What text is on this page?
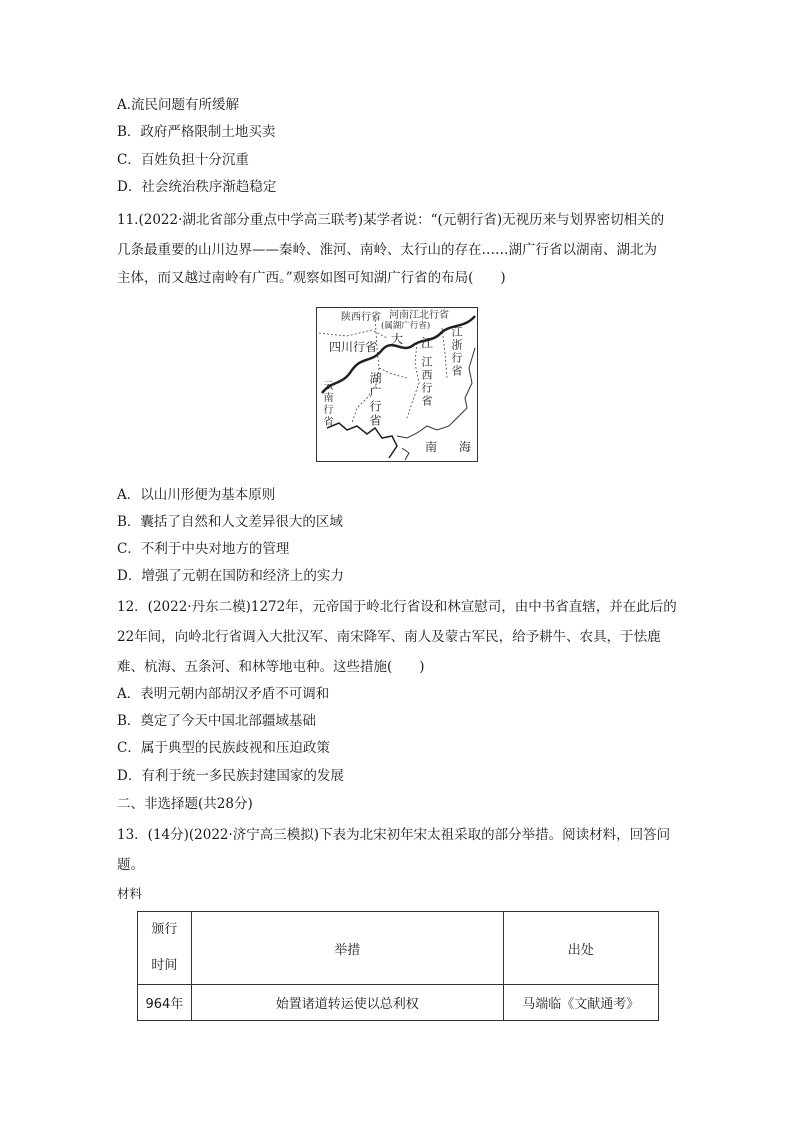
A.流民问题有所缓解
B．政府严格限制土地买卖
C．百姓负担十分沉重
D．社会统治秩序渐趋稳定
11.(2022·湖北省部分重点中学高三联考)某学者说：“(元朝行省)无视历来与划界密切相关的
几条最重要的山川边界——秦岭、淮河、南岭、太行山的存在……湖广行省以湖南、湖北为
主体，而又越过南岭有广西。”观察如图可知湖广行省的布局(　　)
陕西行省 河南江北行省
(属湖广行省)
四川行省
大 江 江浙行省
江西行省
湖广行省
云南行省
南 海
A．以山川形便为基本原则
B．囊括了自然和人文差异很大的区域
C．不利于中央对地方的管理
D．增强了元朝在国防和经济上的实力
12．(2022·丹东二模)1272年，元帝国于岭北行省设和林宣慰司，由中书省直辖，并在此后的
22年间，向岭北行省调入大批汉军、南宋降军、南人及蒙古军民，给予耕牛、农具，于怯鹿
难、杭海、五条河、和林等地屯种。这些措施(　　)
A．表明元朝内部胡汉矛盾不可调和
B．奠定了今天中国北部疆域基础
C．属于典型的民族歧视和压迫政策
D．有利于统一多民族封建国家的发展
二、非选择题(共28分)
13．(14分)(2022·济宁高三模拟)下表为北宋初年宋太祖采取的部分举措。阅读材料，回答问
题。
材料
颁行
时间	举措	出处
964年	始置诸道转运使以总利权	马端临《文献通考》
